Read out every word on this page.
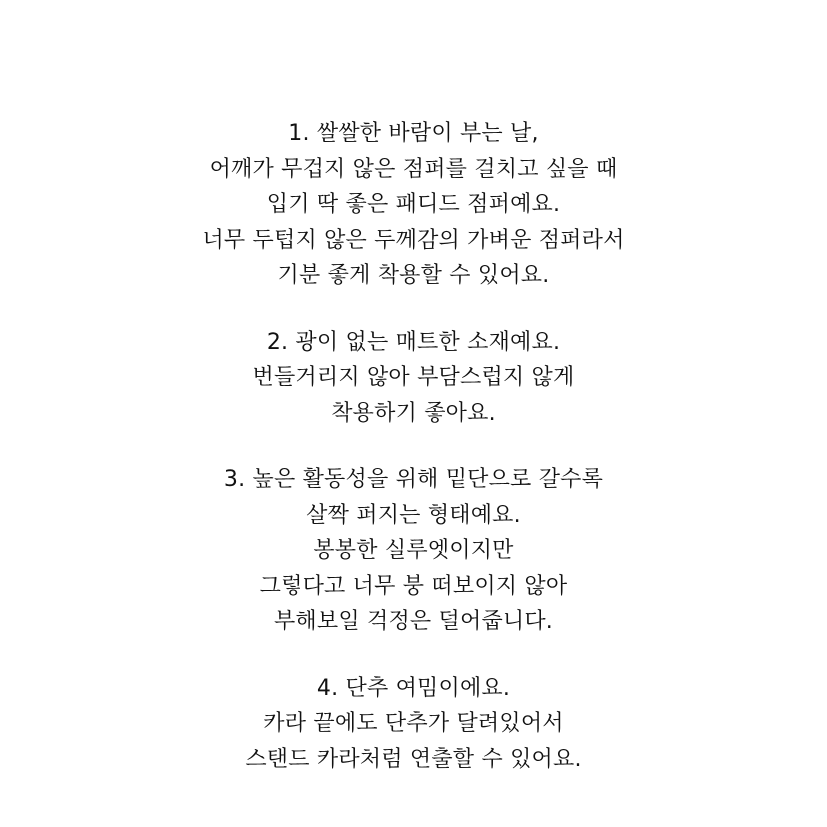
1. 쌀쌀한 바람이 부는 날,
어깨가 무겁지 않은 점퍼를 걸치고 싶을 때
입기 딱 좋은 패디드 점퍼예요.
너무 두텁지 않은 두께감의 가벼운 점퍼라서
기분 좋게 착용할 수 있어요.
2. 광이 없는 매트한 소재예요.
번들거리지 않아 부담스럽지 않게
착용하기 좋아요.
3. 높은 활동성을 위해 밑단으로 갈수록
살짝 퍼지는 형태예요.
봉봉한 실루엣이지만
그렇다고 너무 붕 떠보이지 않아
부해보일 걱정은 덜어줍니다.
4. 단추 여밈이에요.
카라 끝에도 단추가 달려있어서
스탠드 카라처럼 연출할 수 있어요.
